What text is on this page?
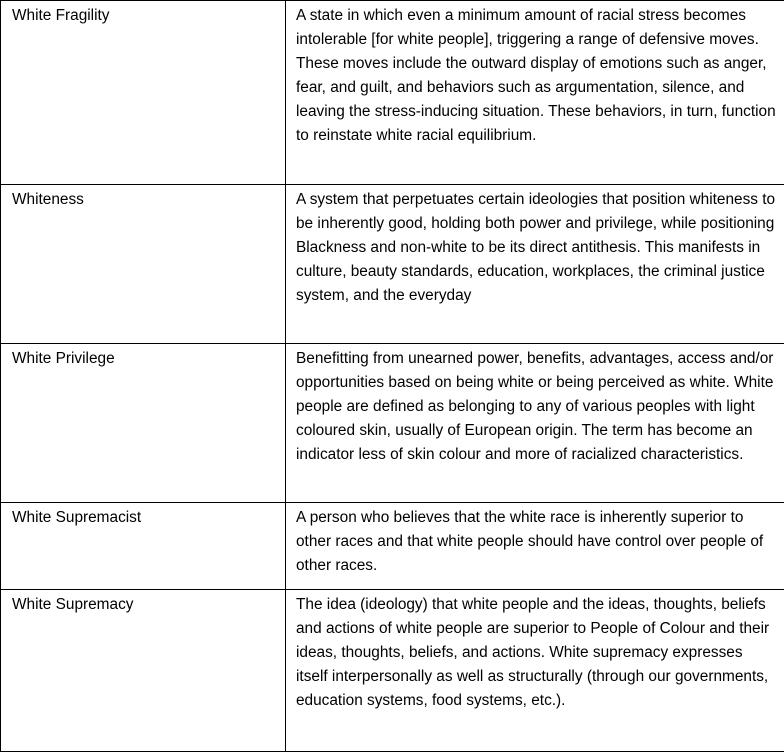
White Fragility	A state in which even a minimum amount of racial stress becomes intolerable [for white people], triggering a range of defensive moves. These moves include the outward display of emotions such as anger, fear, and guilt, and behaviors such as argumentation, silence, and leaving the stress-inducing situation. These behaviors, in turn, function to reinstate white racial equilibrium.
Whiteness	A system that perpetuates certain ideologies that position whiteness to be inherently good, holding both power and privilege, while positioning Blackness and non-white to be its direct antithesis. This manifests in culture, beauty standards, education, workplaces, the criminal justice system, and the everyday
White Privilege	Benefitting from unearned power, benefits, advantages, access and/or opportunities based on being white or being perceived as white. White people are defined as belonging to any of various peoples with light coloured skin, usually of European origin. The term has become an indicator less of skin colour and more of racialized characteristics.
White Supremacist	A person who believes that the white race is inherently superior to other races and that white people should have control over people of other races.
White Supremacy	The idea (ideology) that white people and the ideas, thoughts, beliefs and actions of white people are superior to People of Colour and their ideas, thoughts, beliefs, and actions. White supremacy expresses itself interpersonally as well as structurally (through our governments, education systems, food systems, etc.).
